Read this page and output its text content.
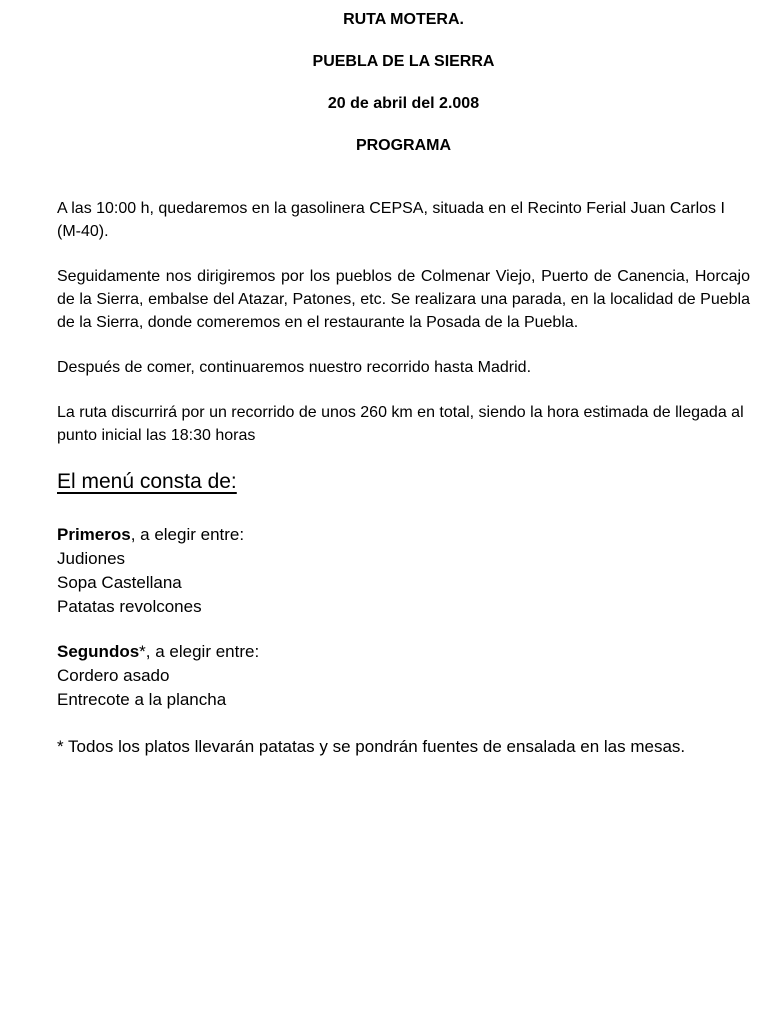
RUTA MOTERA.

PUEBLA DE LA SIERRA

20 de abril del 2.008

PROGRAMA

A las 10:00 h, quedaremos en la gasolinera CEPSA, situada en el Recinto Ferial Juan Carlos I (M-40).

Seguidamente nos dirigiremos por los pueblos de Colmenar Viejo, Puerto de Canencia, Horcajo de la Sierra, embalse del Atazar, Patones, etc. Se realizara una parada, en la localidad de Puebla de la Sierra, donde comeremos en el restaurante la Posada de la Puebla.

Después de comer, continuaremos nuestro recorrido hasta Madrid.

La ruta discurrirá por un recorrido de unos 260 km en total, siendo la hora estimada de llegada al punto inicial las 18:30 horas

El menú consta de:

Primeros, a elegir entre:

Judiones

Sopa Castellana

Patatas revolcones

Segundos*, a elegir entre:

Cordero asado

Entrecote a la plancha

* Todos los platos llevarán patatas y se pondrán fuentes de ensalada en las mesas.
